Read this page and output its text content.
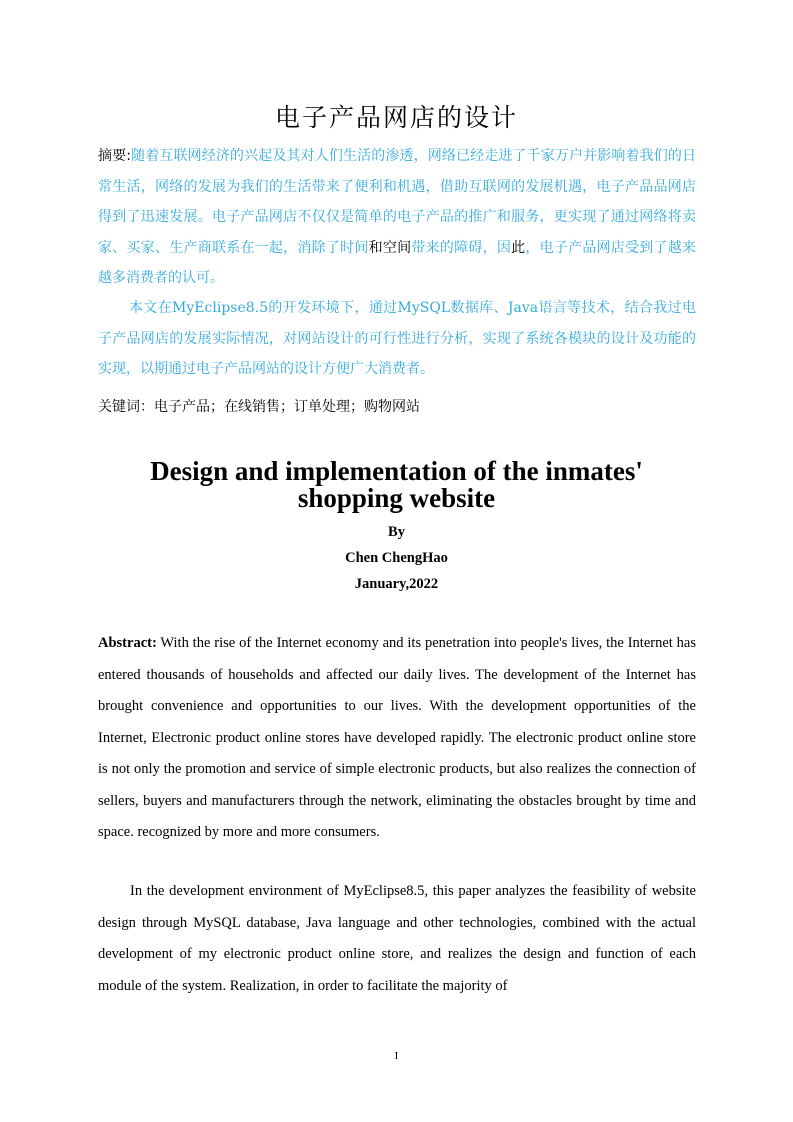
电子产品网店的设计
摘要:随着互联网经济的兴起及其对人们生活的渗透，网络已经走进了千家万户并影响着我们的日常生活，网络的发展为我们的生活带来了便利和机遇，借助互联网的发展机遇，电子产品品网店得到了迅速发展。电子产品网店不仅仅是简单的电子产品的推广和服务，更实现了通过网络将卖家、买家、生产商联系在一起，消除了时间和空间带来的障碍，因此，电子产品网店受到了越来越多消费者的认可。
本文在MyEclipse8.5的开发环境下，通过MySQL数据库、Java语言等技术，结合我过电子产品网店的发展实际情况，对网站设计的可行性进行分析，实现了系统各模块的设计及功能的实现，以期通过电子产品网站的设计方便广大消费者。
关键词：电子产品；在线销售；订单处理；购物网站
Design and implementation of the inmates' shopping website
By
Chen ChengHao
January,2022
Abstract: With the rise of the Internet economy and its penetration into people's lives, the Internet has entered thousands of households and affected our daily lives. The development of the Internet has brought convenience and opportunities to our lives. With the development opportunities of the Internet, Electronic product online stores have developed rapidly. The electronic product online store is not only the promotion and service of simple electronic products, but also realizes the connection of sellers, buyers and manufacturers through the network, eliminating the obstacles brought by time and space. recognized by more and more consumers.
In the development environment of MyEclipse8.5, this paper analyzes the feasibility of website design through MySQL database, Java language and other technologies, combined with the actual development of my electronic product online store, and realizes the design and function of each module of the system. Realization, in order to facilitate the majority of
I
